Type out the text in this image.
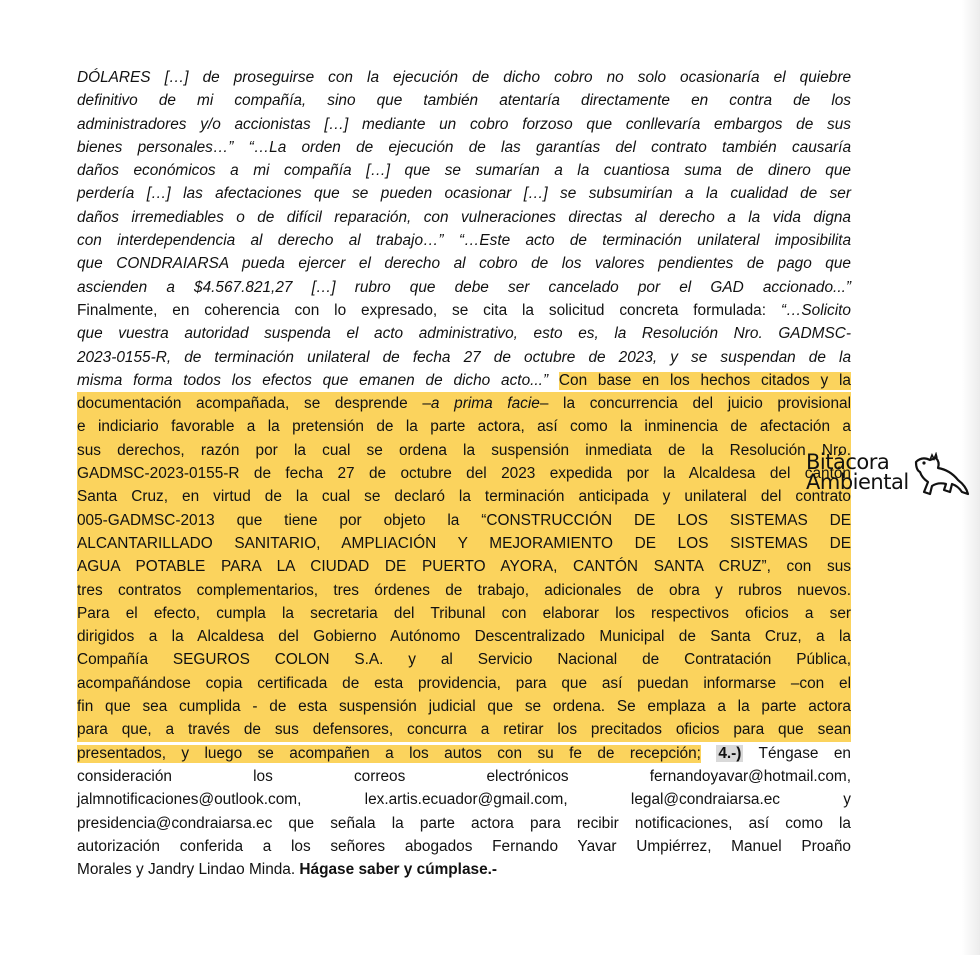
DÓLARES […] de proseguirse con la ejecución de dicho cobro no solo ocasionaría el quiebre
definitivo de mi compañía, sino que también atentaría directamente en contra de los
administradores y/o accionistas […] mediante un cobro forzoso que conllevaría embargos de sus
bienes personales…” “…La orden de ejecución de las garantías del contrato también causaría
daños económicos a mi compañía […] que se sumarían a la cuantiosa suma de dinero que
perdería […] las afectaciones que se pueden ocasionar […] se subsumirían a la cualidad de ser
daños irremediables o de difícil reparación, con vulneraciones directas al derecho a la vida digna
con interdependencia al derecho al trabajo…” “…Este acto de terminación unilateral imposibilita
que CONDRAIARSA pueda ejercer el derecho al cobro de los valores pendientes de pago que
ascienden a $4.567.821,27 […] rubro que debe ser cancelado por el GAD accionado...”
Finalmente, en coherencia con lo expresado, se cita la solicitud concreta formulada: “…Solicito
que vuestra autoridad suspenda el acto administrativo, esto es, la Resolución Nro. GADMSC-
2023-0155-R, de terminación unilateral de fecha 27 de octubre de 2023, y se suspendan de la
misma forma todos los efectos que emanen de dicho acto...” Con base en los hechos citados y la
documentación acompañada, se desprende –a prima facie– la concurrencia del juicio provisional
e indiciario favorable a la pretensión de la parte actora, así como la inminencia de afectación a
sus derechos, razón por la cual se ordena la suspensión inmediata de la Resolución Nro.
GADMSC-2023-0155-R de fecha 27 de octubre del 2023 expedida por la Alcaldesa del cantón
Santa Cruz, en virtud de la cual se declaró la terminación anticipada y unilateral del contrato
005-GADMSC-2013 que tiene por objeto la “CONSTRUCCIÓN DE LOS SISTEMAS DE
ALCANTARILLADO SANITARIO, AMPLIACIÓN Y MEJORAMIENTO DE LOS SISTEMAS DE
AGUA POTABLE PARA LA CIUDAD DE PUERTO AYORA, CANTÓN SANTA CRUZ”, con sus
tres contratos complementarios, tres órdenes de trabajo, adicionales de obra y rubros nuevos.
Para el efecto, cumpla la secretaria del Tribunal con elaborar los respectivos oficios a ser
dirigidos a la Alcaldesa del Gobierno Autónomo Descentralizado Municipal de Santa Cruz, a la
Compañía SEGUROS COLON S.A. y al Servicio Nacional de Contratación Pública,
acompañándose copia certificada de esta providencia, para que así puedan informarse –con el
fin que sea cumplida - de esta suspensión judicial que se ordena. Se emplaza a la parte actora
para que, a través de sus defensores, concurra a retirar los precitados oficios para que sean
presentados, y luego se acompañen a los autos con su fe de recepción; 4.-) Téngase en
consideración los correos electrónicos fernandoyavar@hotmail.com,
jalmnotificaciones@outlook.com, lex.artis.ecuador@gmail.com, legal@condraiarsa.ec y
presidencia@condraiarsa.ec que señala la parte actora para recibir notificaciones, así como la
autorización conferida a los señores abogados Fernando Yavar Umpiérrez, Manuel Proaño
Morales y Jandry Lindao Minda. Hágase saber y cúmplase.-
Bitácora
Ambiental
